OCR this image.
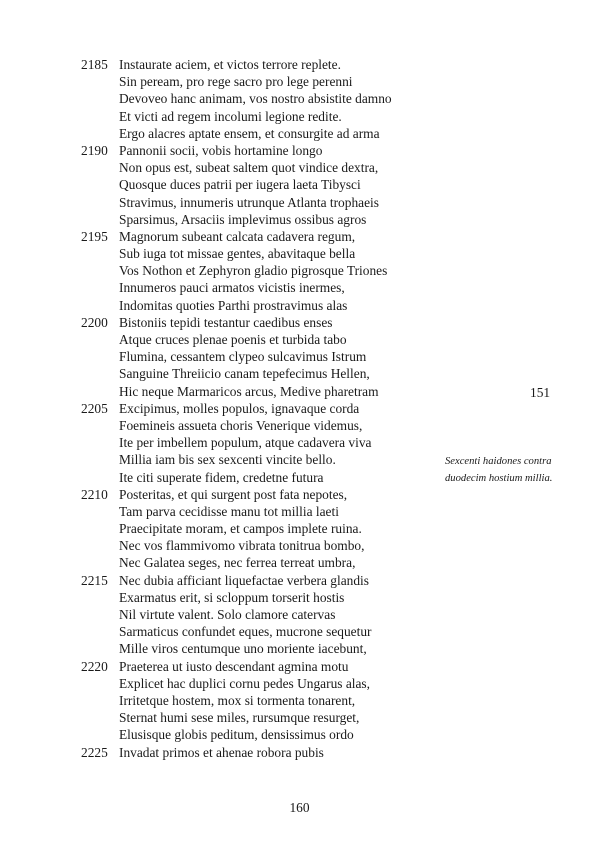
2185 Instaurate aciem, et victos terrore replete.
Sin peream, pro rege sacro pro lege perenni
Devoveo hanc animam, vos nostro absistite damno
Et victi ad regem incolumi legione redite.
Ergo alacres aptate ensem, et consurgite ad arma
2190 Pannonii socii, vobis hortamine longo
Non opus est, subeat saltem quot vindice dextra,
Quosque duces patrii per iugera laeta Tibysci
Stravimus, innumeris utrunque Atlanta trophaeis
Sparsimus, Arsaciis implevimus ossibus agros
2195 Magnorum subeant calcata cadavera regum,
Sub iuga tot missae gentes, abavitaque bella
Vos Nothon et Zephyron gladio pigrosque Triones
Innumeros pauci armatos vicistis inermes,
Indomitas quoties Parthi prostravimus alas
2200 Bistoniis tepidi testantur caedibus enses
Atque cruces plenae poenis et turbida tabo
Flumina, cessantem clypeo sulcavimus Istrum
Sanguine Threiicio canam tepefecimus Hellen,
Hic neque Marmaricos arcus, Medive pharetram
2205 Excipimus, molles populos, ignavaque corda
Foemineis assueta choris Venerique videmus,
Ite per imbellem populum, atque cadavera viva
Millia iam bis sex sexcenti vincite bello.
Ite citi superate fidem, credetne futura
2210 Posteritas, et qui surgent post fata nepotes,
Tam parva cecidisse manu tot millia laeti
Praecipitate moram, et campos implete ruina.
Nec vos flammivomo vibrata tonitrua bombo,
Nec Galatea seges, nec ferrea terreat umbra,
2215 Nec dubia afficiant liquefactae verbera glandis
Exarmatus erit, si scloppum torserit hostis
Nil virtute valent. Solo clamore catervas
Sarmaticus confundet eques, mucrone sequetur
Mille viros centumque uno moriente iacebunt,
2220 Praeterea ut iusto descendant agmina motu
Explicet hac duplici cornu pedes Ungarus alas,
Irritetque hostem, mox si tormenta tonarent,
Sternat humi sese miles, rursumque resurget,
Elusisque globis peditum, densissimus ordo
2225 Invadat primos et ahenae robora pubis
151
Sexcenti haidones contra
duodecim hostium millia.
160
